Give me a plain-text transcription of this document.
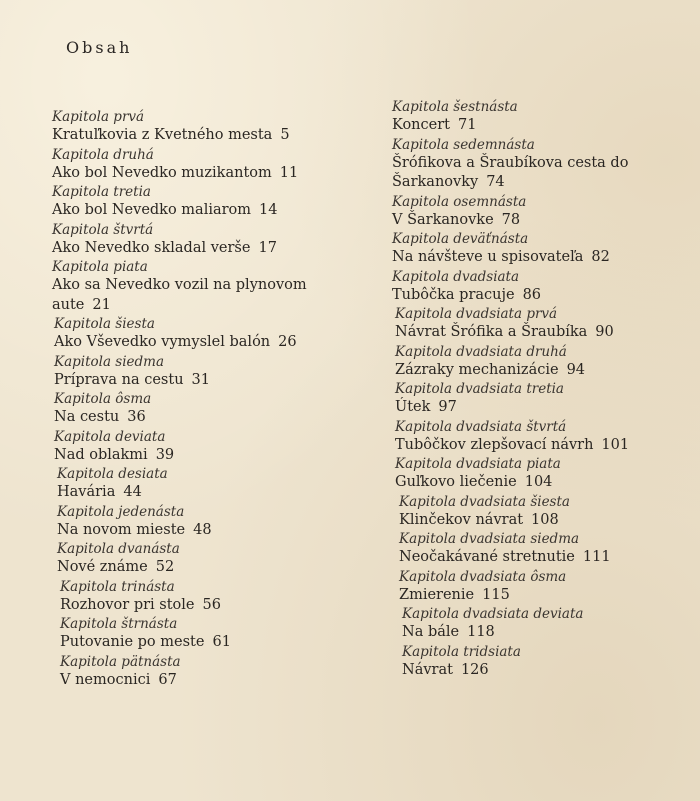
Obsah
Kapitola prvá
Kratuľkovia z Kvetného mesta 5
Kapitola druhá
Ako bol Nevedko muzikantom 11
Kapitola tretia
Ako bol Nevedko maliarom 14
Kapitola štvrtá
Ako Nevedko skladal verše 17
Kapitola piata
Ako sa Nevedko vozil na plynovom aute 21
Kapitola šiesta
Ako Vševedko vymyslel balón 26
Kapitola siedma
Príprava na cestu 31
Kapitola ôsma
Na cestu 36
Kapitola deviata
Nad oblakmi 39
Kapitola desiata
Havária 44
Kapitola jedenásta
Na novom mieste 48
Kapitola dvanásta
Nové známe 52
Kapitola trinásta
Rozhovor pri stole 56
Kapitola štrnásta
Putovanie po meste 61
Kapitola pätnásta
V nemocnici 67
Kapitola šestnásta
Koncert 71
Kapitola sedemnásta
Šrófikova a Šraubíkova cesta do Šarkanovky 74
Kapitola osemnásta
V Šarkanovke 78
Kapitola deväťnásta
Na návšteve u spisovateľa 82
Kapitola dvadsiata
Tubôčka pracuje 86
Kapitola dvadsiata prvá
Návrat Šrófika a Šraubíka 90
Kapitola dvadsiata druhá
Zázraky mechanizácie 94
Kapitola dvadsiata tretia
Útek 97
Kapitola dvadsiata štvrtá
Tubôčkov zlepšovací návrh 101
Kapitola dvadsiata piata
Guľkovo liečenie 104
Kapitola dvadsiata šiesta
Klinčekov návrat 108
Kapitola dvadsiata siedma
Neočakávané stretnutie 111
Kapitola dvadsiata ôsma
Zmierenie 115
Kapitola dvadsiata deviata
Na bále 118
Kapitola tridsiata
Návrat 126
